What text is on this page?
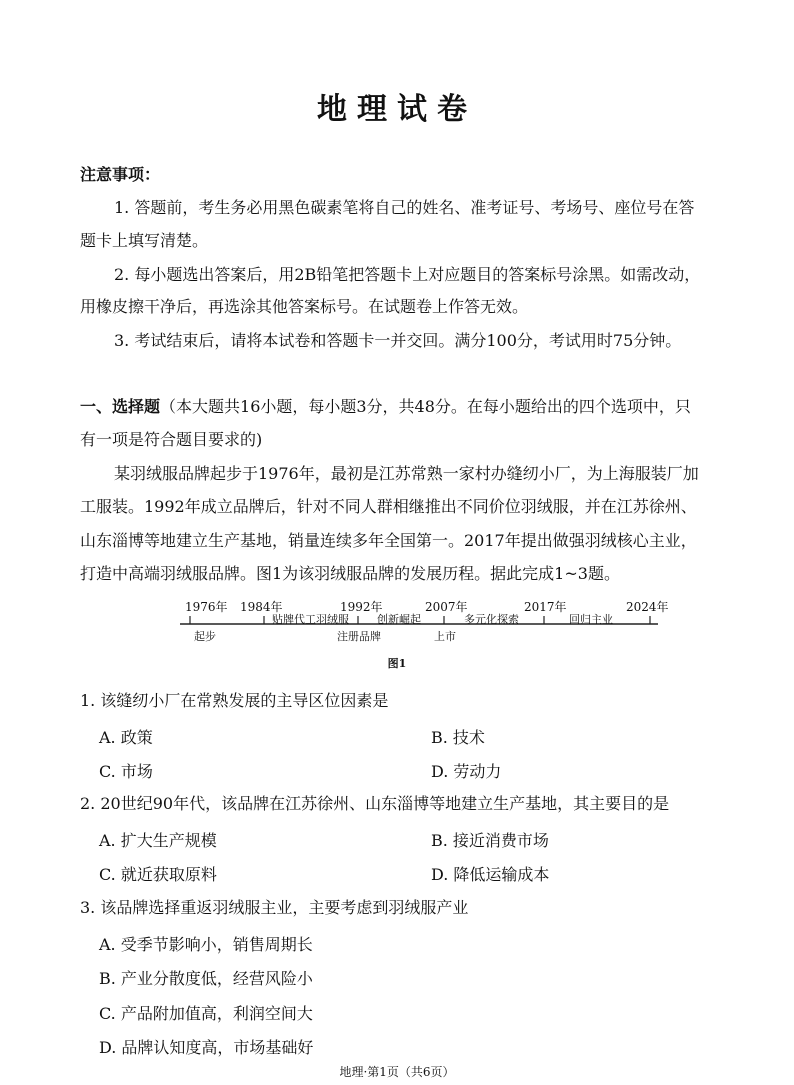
地理试卷
注意事项：
1. 答题前，考生务必用黑色碳素笔将自己的姓名、准考证号、考场号、座位号在答
题卡上填写清楚。
2. 每小题选出答案后，用2B铅笔把答题卡上对应题目的答案标号涂黑。如需改动，
用橡皮擦干净后，再选涂其他答案标号。在试题卷上作答无效。
3. 考试结束后，请将本试卷和答题卡一并交回。满分100分，考试用时75分钟。
一、选择题（本大题共16小题，每小题3分，共48分。在每小题给出的四个选项中，只
有一项是符合题目要求的)
某羽绒服品牌起步于1976年，最初是江苏常熟一家村办缝纫小厂，为上海服装厂加
工服装。1992年成立品牌后，针对不同人群相继推出不同价位羽绒服，并在江苏徐州、
山东淄博等地建立生产基地，销量连续多年全国第一。2017年提出做强羽绒核心主业，
打造中高端羽绒服品牌。图1为该羽绒服品牌的发展历程。据此完成1~3题。
1976年 1984年	1992年	2007年	2017年	2024年
贴牌代工羽绒服	创新崛起	多元化探索	回归主业
起步	注册品牌	上市
图1
1. 该缝纫小厂在常熟发展的主导区位因素是
A. 政策	B. 技术
C. 市场	D. 劳动力
2. 20世纪90年代，该品牌在江苏徐州、山东淄博等地建立生产基地，其主要目的是
A. 扩大生产规模	B. 接近消费市场
C. 就近获取原料	D. 降低运输成本
3. 该品牌选择重返羽绒服主业，主要考虑到羽绒服产业
A. 受季节影响小，销售周期长
B. 产业分散度低，经营风险小
C. 产品附加值高，利润空间大
D. 品牌认知度高，市场基础好
地理·第1页（共6页）
